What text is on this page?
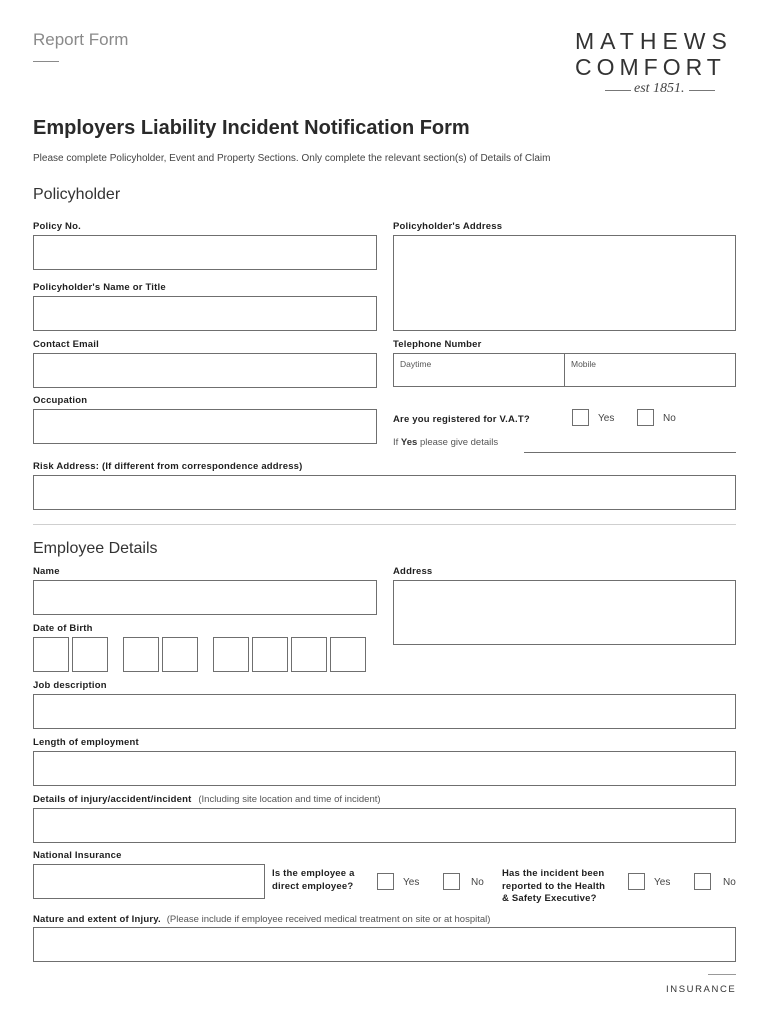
Report Form	MATHEWS
COMFORT
est 1851.
Employers Liability Incident Notification Form
Please complete Policyholder, Event and Property Sections. Only complete the relevant section(s) of Details of Claim
Policyholder
Policy No.	Policyholder's Address
Policyholder's Name or Title
Contact Email	Telephone Number
Daytime	Mobile
Occupation
Are you registered for V.A.T?	Yes	No
If Yes please give details
Risk Address: (If different from correspondence address)
Employee Details
Name	Address
Date of Birth
Job description
Length of employment
Details of injury/accident/incident (Including site location and time of incident)
National Insurance
Is the employee a
direct employee?	Yes	No
Has the incident been
reported to the Health
& Safety Executive?
Yes	No
Nature and extent of Injury. (Please include if employee received medical treatment on site or at hospital)
INSURANCE
